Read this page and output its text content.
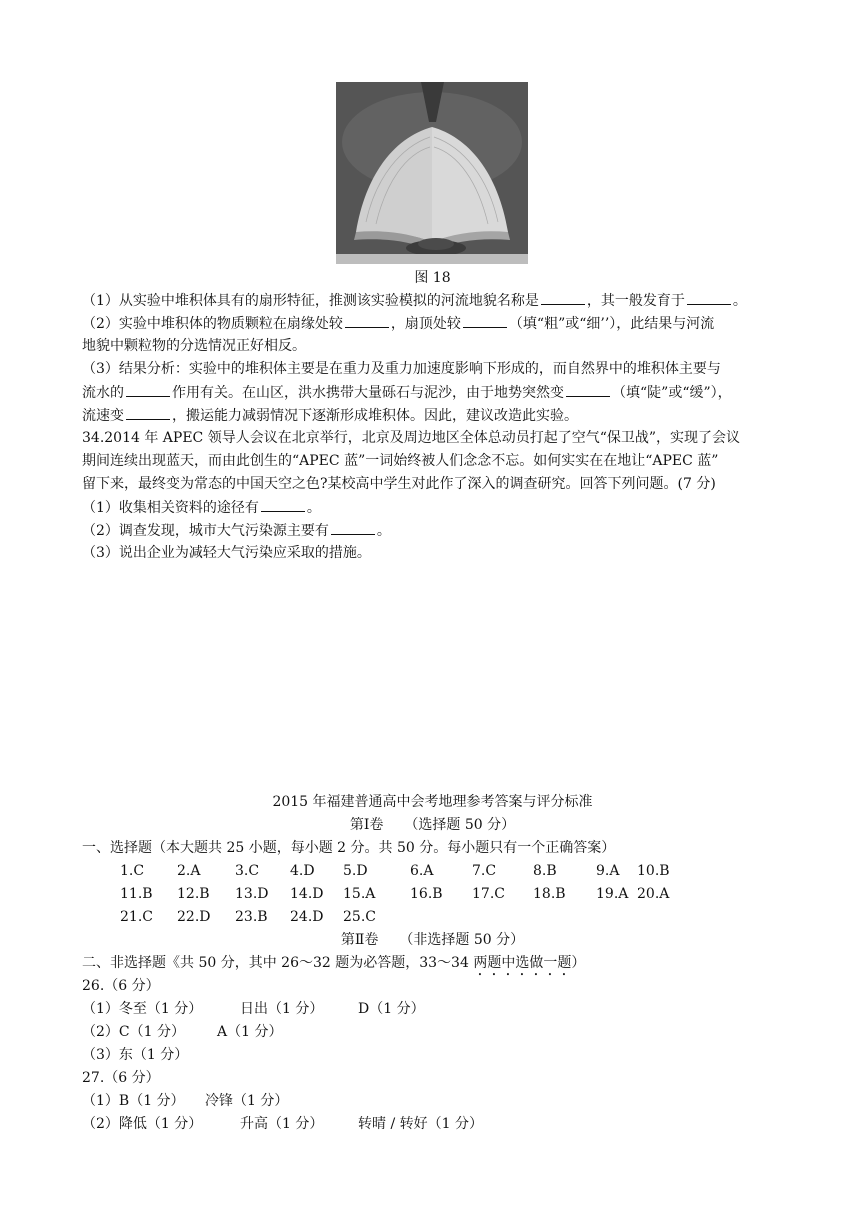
图 18
（1）从实验中堆积体具有的扇形特征，推测该实验模拟的河流地貌名称是	，其一般发育于	。
（2）实验中堆积体的物质颗粒在扇缘处较	，扇顶处较	（填“粗”或“细’’），此结果与河流
地貌中颗粒物的分选情况正好相反。
（3）结果分析：实验中的堆积体主要是在重力及重力加速度影响下形成的，而自然界中的堆积体主要与
流水的	作用有关。在山区，洪水携带大量砾石与泥沙，由于地势突然变	（填“陡”或“缓”），
流速变	，搬运能力减弱情况下逐渐形成堆积体。因此，建议改造此实验。
34.2014 年 APEC 领导人会议在北京举行，北京及周边地区全体总动员打起了空气“保卫战”，实现了会议
期间连续出现蓝天，而由此创生的“APEC 蓝”一词始终被人们念念不忘。如何实实在在地让“APEC 蓝”
留下来，最终变为常态的中国天空之色?某校高中学生对此作了深入的调查研究。回答下列问题。(7 分)
（1）收集相关资料的途径有	。
（2）调查发现，城市大气污染源主要有	。
（3）说出企业为减轻大气污染应采取的措施。
2015 年福建普通高中会考地理参考答案与评分标准
第Ⅰ卷　　（选择题 50 分）
一、选择题（本大题共 25 小题，每小题 2 分。共 50 分。每小题只有一个正确答案）
1.C 2.A 3.C 4.D 5.D	6.A	7.C	8.B	9.A 10.B
11.B 12.B 13.D 14.D 15.A 16.B 17.C 18.B 19.A 20.A
21.C 22.D 23.B 24.D 25.C
第Ⅱ卷　　（非选择题 50 分）
二、非选择题《共 50 分，其中 26～32 题为必答题，33～34 两题中选做一题）
26.（6 分）
（1）冬至（1 分）	日出（1 分） D（1 分）
（2）C（1 分） A（1 分）
（3）东（1 分）
27.（6 分）
（1）B（1 分） 冷锋（1 分）
（2）降低（1 分）	升高（1 分） 转晴 / 转好（1 分）
